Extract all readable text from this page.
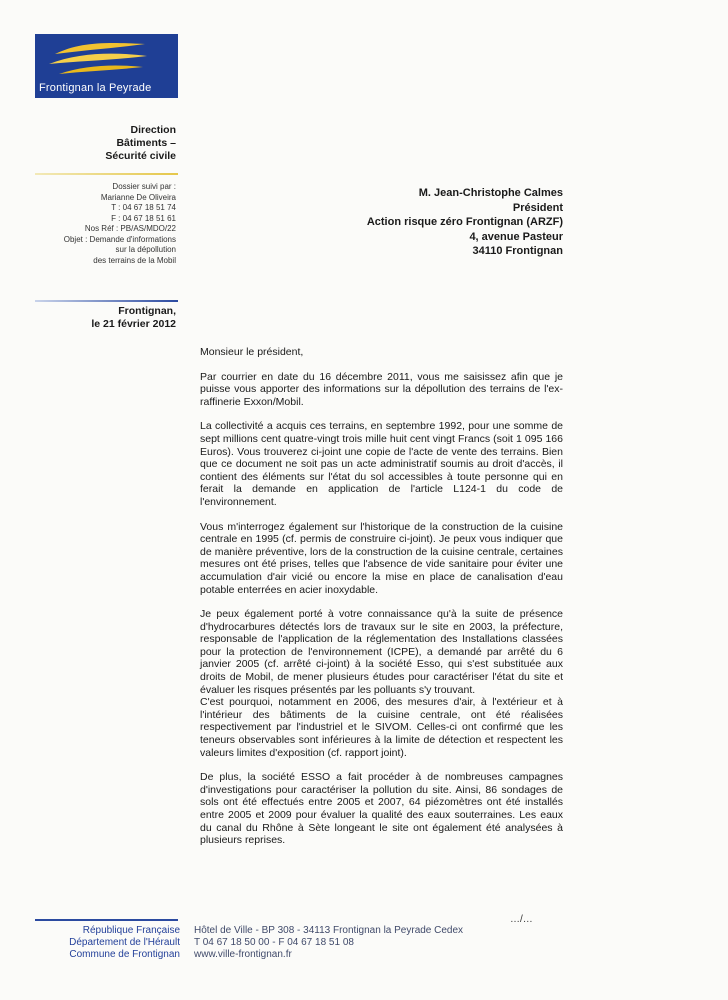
Frontignan la Peyrade
Direction
Bâtiments –
Sécurité civile
Dossier suivi par :
Marianne De Oliveira
T : 04 67 18 51 74
F : 04 67 18 51 61
Nos Réf : PB/AS/MDO/22
Objet : Demande d'informations
sur la dépollution
des terrains de la Mobil
M. Jean-Christophe Calmes
Président
Action risque zéro Frontignan (ARZF)
4, avenue Pasteur
34110 Frontignan
Frontignan,
le 21 février 2012

Monsieur le président,

Par courrier en date du 16 décembre 2011, vous me saisissez afin que je puisse vous apporter des informations sur la dépollution des terrains de l'ex-raffinerie Exxon/Mobil.

La collectivité a acquis ces terrains, en septembre 1992, pour une somme de sept millions cent quatre-vingt trois mille huit cent vingt Francs (soit 1 095 166 Euros). Vous trouverez ci-joint une copie de l'acte de vente des terrains. Bien que ce document ne soit pas un acte administratif soumis au droit d'accès, il contient des éléments sur l'état du sol accessibles à toute personne qui en ferait la demande en application de l'article L124-1 du code de l'environnement.

Vous m'interrogez également sur l'historique de la construction de la cuisine centrale en 1995 (cf. permis de construire ci-joint). Je peux vous indiquer que de manière préventive, lors de la construction de la cuisine centrale, certaines mesures ont été prises, telles que l'absence de vide sanitaire pour éviter une accumulation d'air vicié ou encore la mise en place de canalisation d'eau potable enterrées en acier inoxydable.

Je peux également porté à votre connaissance qu'à la suite de présence d'hydrocarbures détectés lors de travaux sur le site en 2003, la préfecture, responsable de l'application de la réglementation des Installations classées pour la protection de l'environnement (ICPE), a demandé par arrêté du 6 janvier 2005 (cf. arrêté ci-joint) à la société Esso, qui s'est substituée aux droits de Mobil, de mener plusieurs études pour caractériser l'état du site et évaluer les risques présentés par les polluants s'y trouvant.

C'est pourquoi, notamment en 2006, des mesures d'air, à l'extérieur et à l'intérieur des bâtiments de la cuisine centrale, ont été réalisées respectivement par l'industriel et le SIVOM. Celles-ci ont confirmé que les teneurs observables sont inférieures à la limite de détection et respectent les valeurs limites d'exposition (cf. rapport joint).

De plus, la société ESSO a fait procéder à de nombreuses campagnes d'investigations pour caractériser la pollution du site. Ainsi, 86 sondages de sols ont été effectués entre 2005 et 2007, 64 piézomètres ont été installés entre 2005 et 2009 pour évaluer la qualité des eaux souterraines. Les eaux du canal du Rhône à Sète longeant le site ont également été analysées à plusieurs reprises.

…/…
République Française
Département de l'Hérault
Commune de Frontignan
Hôtel de Ville - BP 308 - 34113 Frontignan la Peyrade Cedex
T 04 67 18 50 00 - F 04 67 18 51 08
www.ville-frontignan.fr
